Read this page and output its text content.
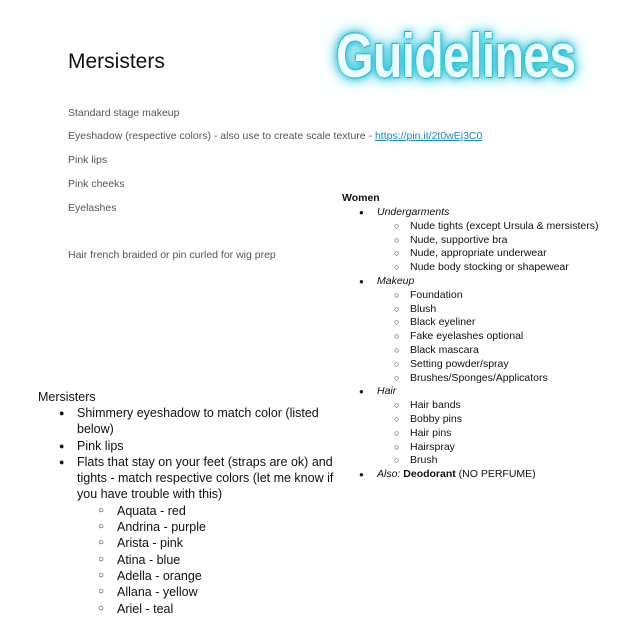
Mersisters	Guidelines
Standard stage makeup
Eyeshadow (respective colors) - also use to create scale texture - https://pin.it/2t0wEj3C0
Pink lips
Pink cheeks
Eyelashes
Hair french braided or pin curled for wig prep
Women
● Undergarments
○ Nude tights (except Ursula & mersisters)
○ Nude, supportive bra
○ Nude, appropriate underwear
○ Nude body stocking or shapewear
● Makeup
○ Foundation
○ Blush
○ Black eyeliner
○ Fake eyelashes optional
○ Black mascara
○ Setting powder/spray
○ Brushes/Sponges/Applicators
● Hair
○ Hair bands
○ Bobby pins
○ Hair pins
○ Hairspray
○ Brush
● Also: Deodorant (NO PERFUME)
Mersisters
● Shimmery eyeshadow to match color (listed below)
● Pink lips
● Flats that stay on your feet (straps are ok) and tights - match respective colors (let me know if you have trouble with this)
○ Aquata - red
○ Andrina - purple
○ Arista - pink
○ Atina - blue
○ Adella - orange
○ Allana - yellow
○ Ariel - teal
